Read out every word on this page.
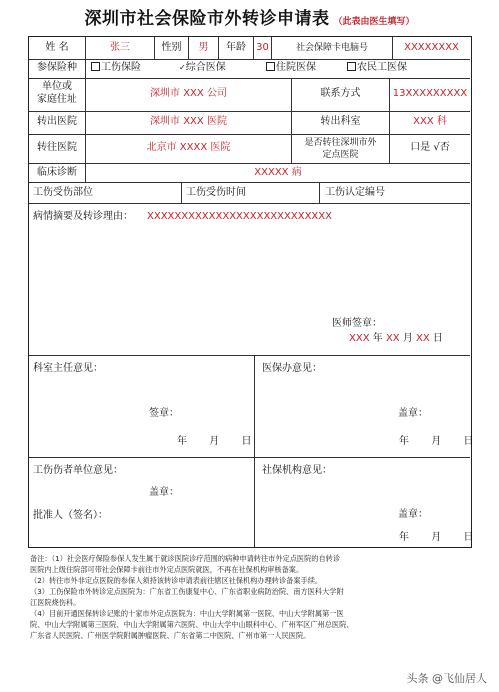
深圳市社会保险市外转诊申请表 （此表由医生填写）
姓 名	张三	性别	男	年龄	30	社会保障卡电脑号	XXXXXXXX
参保险种	工伤保险	✓综合医保	住院医保	农民工医保
单位或
家庭住址
深圳市 XXX 公司	联系方式	13XXXXXXXXX
转出医院	深圳市 XXX 医院	转出科室	XXX 科
转往医院	北京市 XXXX 医院	是否转往深圳市外
定点医院
口是 √否
临床诊断	XXXXX 病
工伤受伤部位	工伤受伤时间	工伤认定编号
病情摘要及转诊理由： XXXXXXXXXXXXXXXXXXXXXXXXXXX
医师签章：
XXX 年 XX 月 XX 日
科室主任意见：
签章：
年 月 日
医保办意见：
盖章：
年 月 日
工伤伤者单位意见：
盖章：
批准人（签名）：
社保机构意见：
盖章：
年 月 日
备注：（1）社会医疗保险参保人发生属于就诊医院诊疗范围的病种申请转往市外定点医院的自转诊
医院内上级住院部可带社会保障卡前往市外定点医院就医，不再在社保机构审核备案。
（2）转往市外非定点医院的参保人须持该转诊申请表前往辖区社保机构办理转诊备案手续。
（3）工伤保险市外转诊定点医院为：广东省工伤康复中心、广东省职业病防治院、南方医科大学附
江医院烧伤科。
（4）目前开通医保转诊记账的十家市外定点医院为：中山大学附属第一医院、中山大学附属第一医
院、中山大学附属第三医院、中山大学附属第六医院、中山大学中山眼科中心、广州军区广州总医院、
广东省人民医院、广州医学院附属肿瘤医院、广东省第二中医院、广州市第一人民医院。
头条 @飞仙居人
